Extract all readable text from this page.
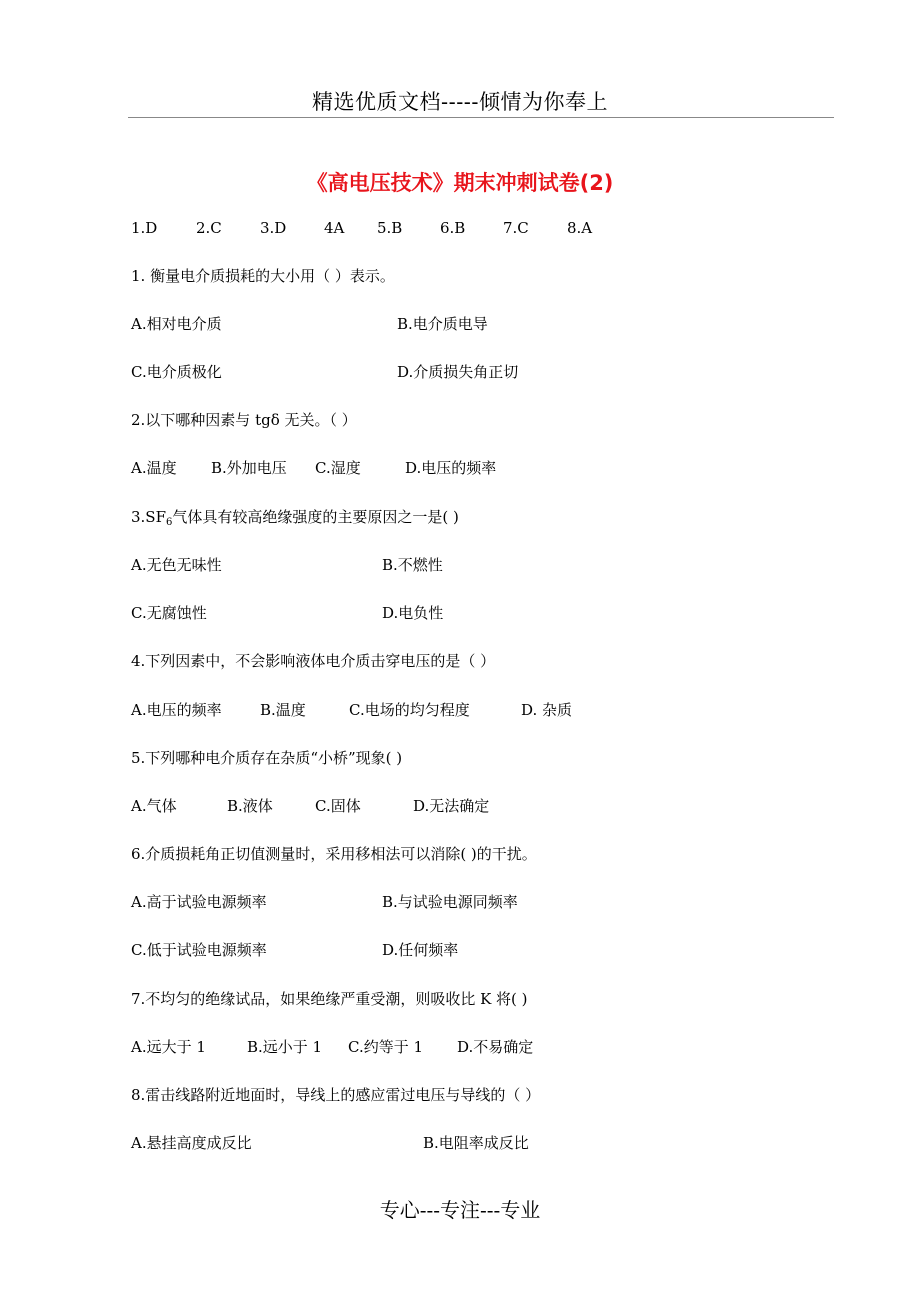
精选优质文档-----倾情为你奉上
《高电压技术》期末冲刺试卷(2)
1.D	2.C	3.D	4A 5.B	6.B	7.C	8.A
1. 衡量电介质损耗的大小用（ ）表示。
A.相对电介质	B.电介质电导
C.电介质极化	D.介质损失角正切
2.以下哪种因素与 tgδ 无关。（ ）
A.温度 B.外加电压 C.湿度	D.电压的频率
$3.SF_6$气体具有较高绝缘强度的主要原因之一是( )
A.无色无味性	B.不燃性
C.无腐蚀性	D.电负性
4.下列因素中，不会影响液体电介质击穿电压的是（ ）
A.电压的频率	B.温度	C.电场的均匀程度	D. 杂质
5.下列哪种电介质存在杂质“小桥”现象( )
A.气体	B.液体	C.固体	D.无法确定
6.介质损耗角正切值测量时，采用移相法可以消除( )的干扰。
A.高于试验电源频率	B.与试验电源同频率
C.低于试验电源频率	D.任何频率
7.不均匀的绝缘试品，如果绝缘严重受潮，则吸收比 K 将( )
A.远大于 1	B.远小于 1 C.约等于 1 D.不易确定
8.雷击线路附近地面时，导线上的感应雷过电压与导线的（ ）
A.悬挂高度成反比	B.电阻率成反比
专心---专注---专业
